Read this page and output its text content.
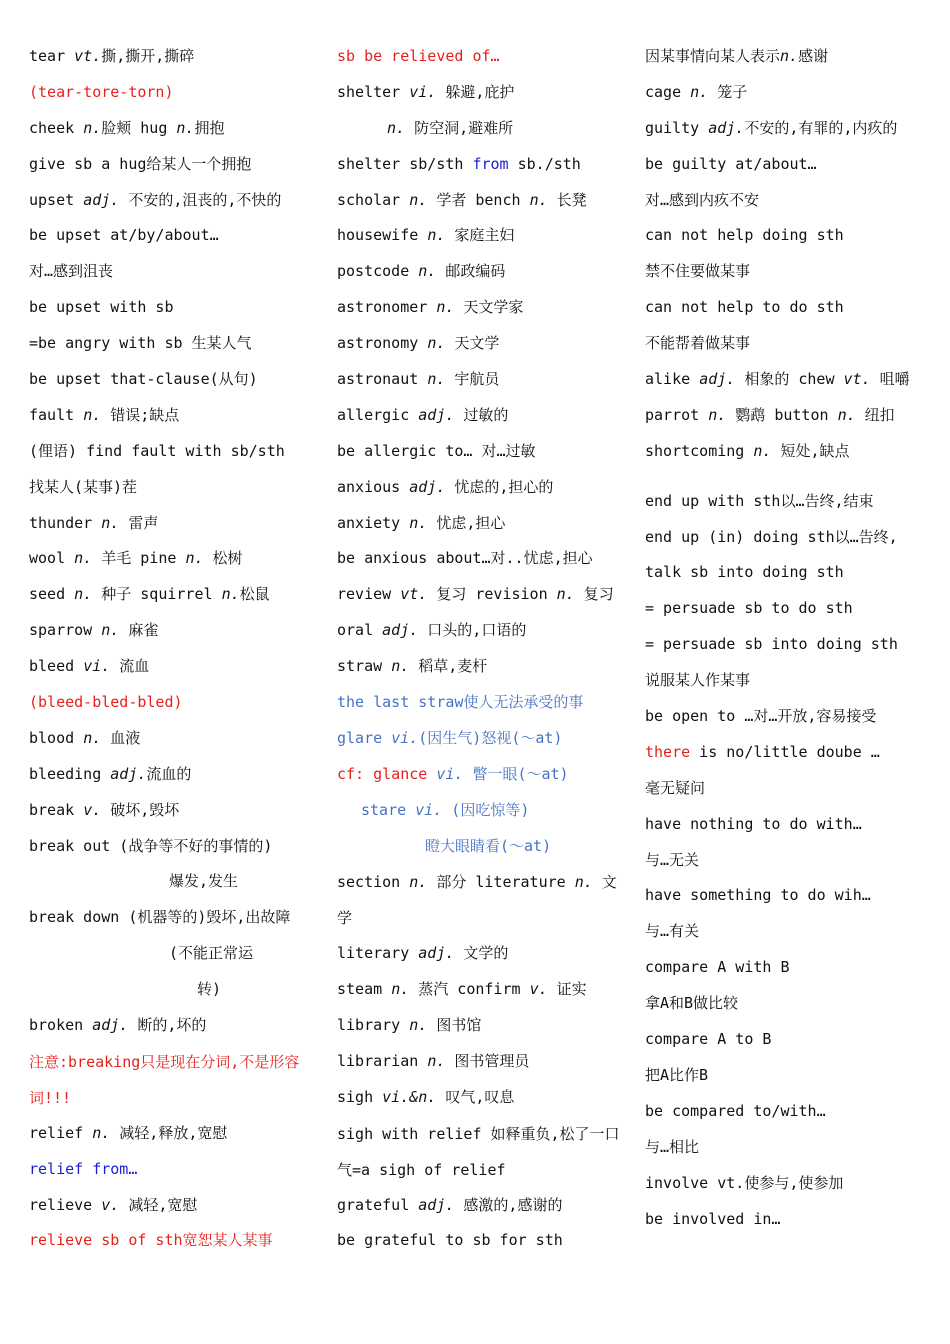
tear vt.撕,撕开,撕碎
(tear-tore-torn)
cheek n.脸颊 hug n.拥抱
give sb a hug给某人一个拥抱
upset adj. 不安的,沮丧的,不快的
be upset at/by/about…
对…感到沮丧
be upset with sb
=be angry with sb 生某人气
be upset that-clause(从句)
fault n. 错误;缺点
(俚语) find fault with sb/sth
找某人(某事)茬
thunder n. 雷声
wool n. 羊毛 pine n. 松树
seed n. 种子 squirrel n.松鼠
sparrow n. 麻雀
bleed vi. 流血
(bleed-bled-bled)
blood n. 血液
bleeding adj.流血的
break v. 破坏,毁坏
break out (战争等不好的事情的)
爆发,发生
break down (机器等的)毁坏,出故障
(不能正常运
转)
broken adj. 断的,坏的
注意:breaking只是现在分词,不是形容词!!!
relief n. 减轻,释放,宽慰
relief from…
relieve v. 减轻,宽慰
relieve sb of sth宽恕某人某事
sb be relieved of…
shelter vi. 躲避,庇护
n. 防空洞,避难所
shelter sb/sth from sb./sth
scholar n. 学者 bench n. 长凳
housewife n. 家庭主妇
postcode n. 邮政编码
astronomer n. 天文学家
astronomy n. 天文学
astronaut n. 宇航员
allergic adj. 过敏的
be allergic to… 对…过敏
anxious adj. 忧虑的,担心的
anxiety n. 忧虑,担心
be anxious about…对..忧虑,担心
review vt. 复习 revision n. 复习
oral adj. 口头的,口语的
straw n. 稻草,麦杆
the last straw使人无法承受的事
glare vi.(因生气)怒视(～at)
cf: glance vi. 瞥一眼(～at)
stare vi. (因吃惊等)
瞪大眼睛看(～at)
section n. 部分 literature n. 文学
literary adj. 文学的
steam n. 蒸汽 confirm v. 证实
library n. 图书馆
librarian n. 图书管理员
sigh vi.&n. 叹气,叹息
sigh with relief 如释重负,松了一口气=a sigh of relief
grateful adj. 感激的,感谢的
be grateful to sb for sth
因某事情向某人表示n.感谢
cage n. 笼子
guilty adj.不安的,有罪的,内疚的
be guilty at/about…
对…感到内疚不安
can not help doing sth
禁不住要做某事
can not help to do sth
不能帮着做某事
alike adj. 相象的 chew vt. 咀嚼
parrot n. 鹦鹉 button n. 纽扣
shortcoming n. 短处,缺点
end up with sth以…告终,结束
end up (in) doing sth以…告终,
talk sb into doing sth
= persuade sb to do sth
= persuade sb into doing sth
说服某人作某事
be open to …对…开放,容易接受
there is no/little doube …
毫无疑问
have nothing to do with…
与…无关
have something to do wih…
与…有关
compare A with B
拿A和B做比较
compare A to B
把A比作B
be compared to/with…
与…相比
involve vt.使参与,使参加
be involved in…
